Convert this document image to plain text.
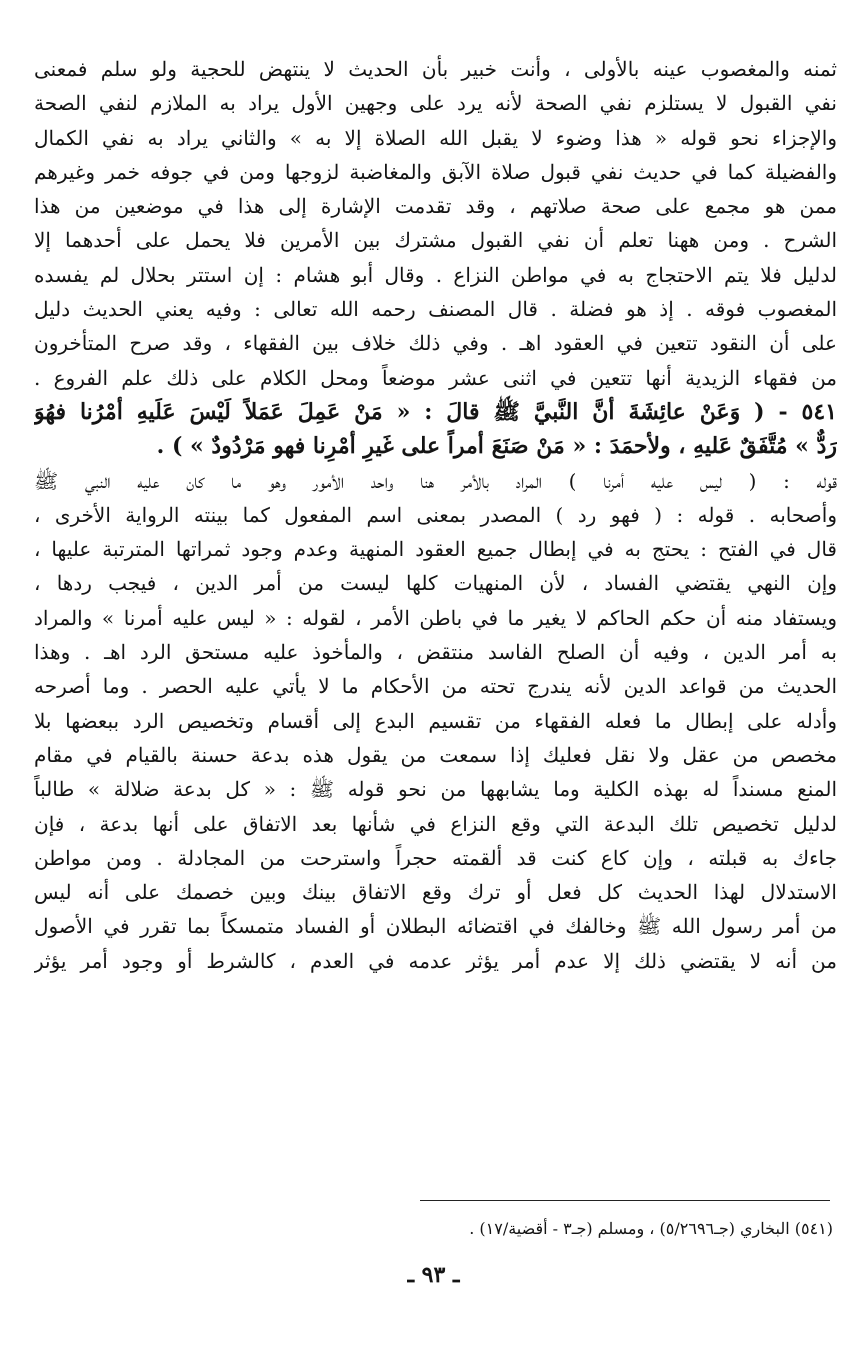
ثمنه والمغصوب عينه بالأولى ، وأنت خبير بأن الحديث لا ينتهض للحجية ولو سلم فمعنى
نفي القبول لا يستلزم نفي الصحة لأنه يرد على وجهين الأول يراد به الملازم لنفي الصحة
والإجزاء نحو قوله « هذا وضوء لا يقبل الله الصلاة إلا به » والثاني يراد به نفي الكمال
والفضيلة كما في حديث نفي قبول صلاة الآبق والمغاضبة لزوجها ومن في جوفه خمر وغيرهم
ممن هو مجمع على صحة صلاتهم ، وقد تقدمت الإشارة إلى هذا في موضعين من هذا
الشرح . ومن ههنا تعلم أن نفي القبول مشترك بين الأمرين فلا يحمل على أحدهما إلا
لدليل فلا يتم الاحتجاج به في مواطن النزاع . وقال أبو هشام : إن استتر بحلال لم يفسده
المغصوب فوقه . إذ هو فضلة . قال المصنف رحمه الله تعالى : وفيه يعني الحديث دليل
على أن النقود تتعين في العقود اهـ . وفي ذلك خلاف بين الفقهاء ، وقد صرح المتأخرون
من فقهاء الزيدية أنها تتعين في اثنى عشر موضعاً ومحل الكلام على ذلك علم الفروع .
٥٤١ - ( وَعَنْ عائِشَةَ أنَّ النَّبيَّ ﷺ قالَ : « مَنْ عَمِلَ عَمَلاً لَيْسَ عَلَيهِ أمْرُنا فهُوَ
رَدٌّ » مُتَّفَقٌ عَليهِ ، ولأحمَدَ : « مَنْ صَنَعَ أمراً على غَيرِ أمْرِنا فهو مَرْدُودٌ » ) .
قوله : ( ليس عليه أمرنا ) المراد بالأمر هنا واحد الأمور وهو ما كان عليه النبي ﷺ
وأصحابه . قوله : ( فهو رد ) المصدر بمعنى اسم المفعول كما بينته الرواية الأخرى ،
قال في الفتح : يحتج به في إبطال جميع العقود المنهية وعدم وجود ثمراتها المترتبة عليها ،
وإن النهي يقتضي الفساد ، لأن المنهيات كلها ليست من أمر الدين ، فيجب ردها ،
ويستفاد منه أن حكم الحاكم لا يغير ما في باطن الأمر ، لقوله : « ليس عليه أمرنا » والمراد
به أمر الدين ، وفيه أن الصلح الفاسد منتقض ، والمأخوذ عليه مستحق الرد اهـ . وهذا
الحديث من قواعد الدين لأنه يندرج تحته من الأحكام ما لا يأتي عليه الحصر . وما أصرحه
وأدله على إبطال ما فعله الفقهاء من تقسيم البدع إلى أقسام وتخصيص الرد ببعضها بلا
مخصص من عقل ولا نقل فعليك إذا سمعت من يقول هذه بدعة حسنة بالقيام في مقام
المنع مسنداً له بهذه الكلية وما يشابهها من نحو قوله ﷺ : « كل بدعة ضلالة » طالباً
لدليل تخصيص تلك البدعة التي وقع النزاع في شأنها بعد الاتفاق على أنها بدعة ، فإن
جاءك به قبلته ، وإن كاع كنت قد ألقمته حجراً واسترحت من المجادلة . ومن مواطن
الاستدلال لهذا الحديث كل فعل أو ترك وقع الاتفاق بينك وبين خصمك على أنه ليس
من أمر رسول الله ﷺ وخالفك في اقتضائه البطلان أو الفساد متمسكاً بما تقرر في الأصول
من أنه لا يقتضي ذلك إلا عدم أمر يؤثر عدمه في العدم ، كالشرط أو وجود أمر يؤثر
(٥٤١) البخاري (جـ٥/٢٦٩٦) ، ومسلم (جـ٣ - أقضية/١٧) .
ـ ٩٣ ـ
